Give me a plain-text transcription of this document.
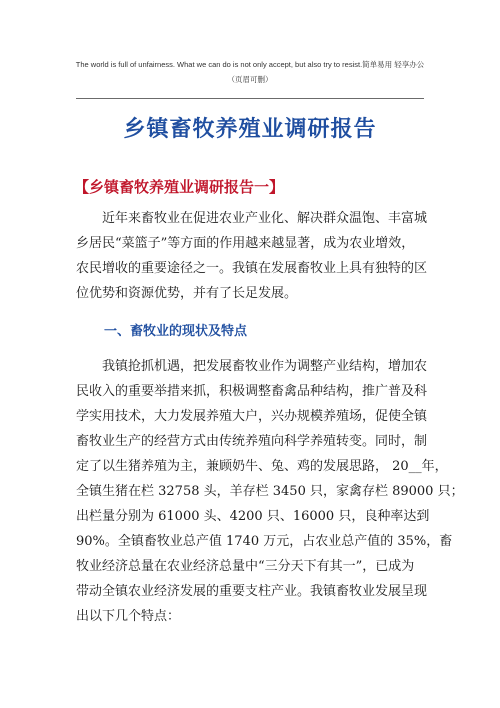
The world is full of unfairness. What we can do is not only accept, but also try to resist.简单易用 轻享办公
（页眉可删）
乡镇畜牧养殖业调研报告
【乡镇畜牧养殖业调研报告一】
　　近年来畜牧业在促进农业产业化、解决群众温饱、丰富城
乡居民“菜篮子”等方面的作用越来越显著，成为农业增效，
农民增收的重要途径之一。我镇在发展畜牧业上具有独特的区
位优势和资源优势，并有了长足发展。
一、畜牧业的现状及特点
　　我镇抢抓机遇，把发展畜牧业作为调整产业结构，增加农
民收入的重要举措来抓，积极调整畜禽品种结构，推广普及科
学实用技术，大力发展养殖大户，兴办规模养殖场，促使全镇
畜牧业生产的经营方式由传统养殖向科学养殖转变。同时，制
定了以生猪养殖为主，兼顾奶牛、兔、鸡的发展思路， 20__年，
全镇生猪在栏 32758 头，羊存栏 3450 只，家禽存栏 89000 只；
出栏量分别为 61000 头、4200 只、16000 只，良种率达到
90%。全镇畜牧业总产值 1740 万元，占农业总产值的 35%，畜
牧业经济总量在农业经济总量中“三分天下有其一”，已成为
带动全镇农业经济发展的重要支柱产业。我镇畜牧业发展呈现
出以下几个特点：
